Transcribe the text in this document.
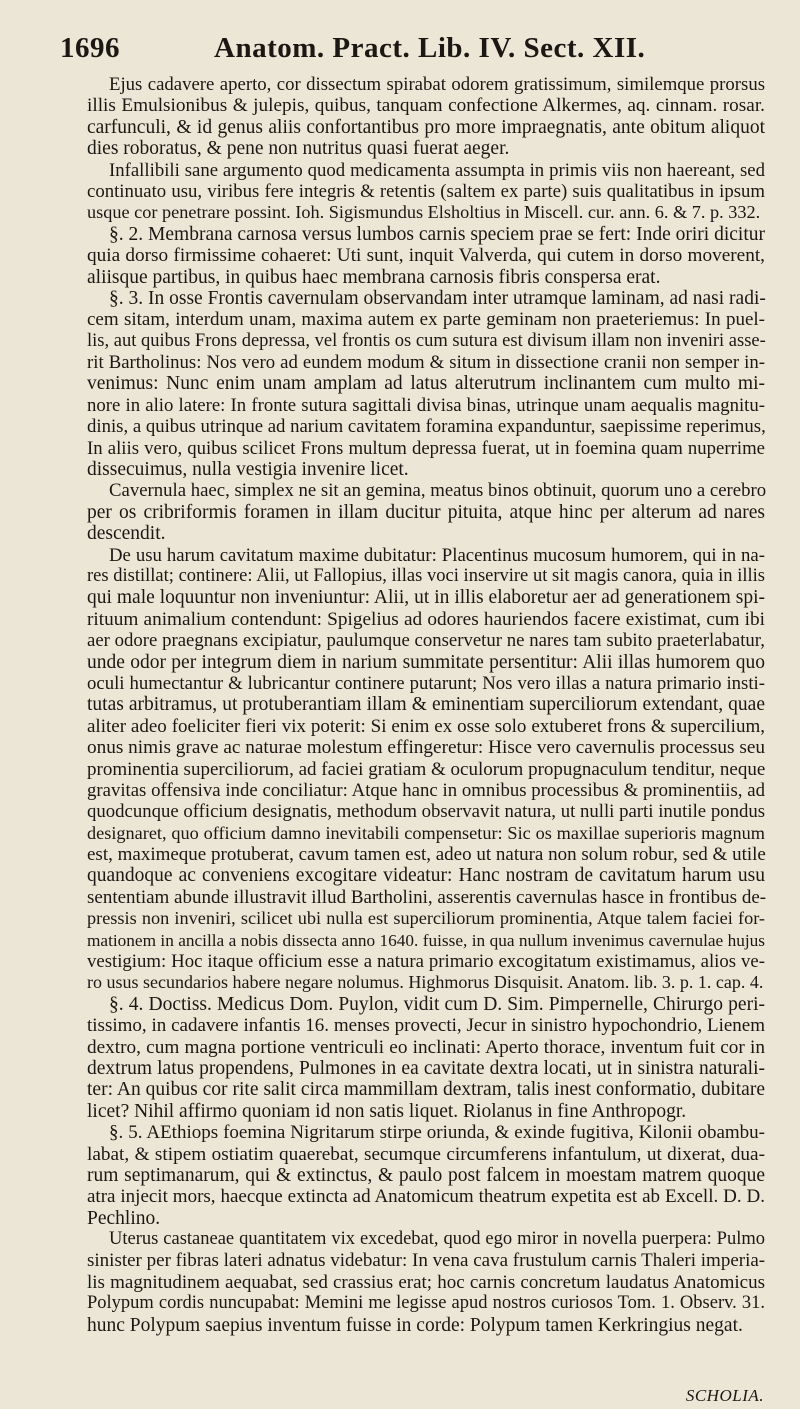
1696	Anatom. Pract. Lib. IV. Sect. XII.
Ejus cadavere aperto, cor dissectum spirabat odorem gratissimum, similemque prorsus
illis Emulsionibus & julepis, quibus, tanquam confectione Alkermes, aq. cinnam. rosar.
carfunculi, & id genus aliis confortantibus pro more impraegnatis, ante obitum aliquot
dies roboratus, & pene non nutritus quasi fuerat aeger.
Infallibili sane argumento quod medicamenta assumpta in primis viis non haereant, sed
continuato usu, viribus fere integris & retentis (saltem ex parte) suis qualitatibus in ipsum
usque cor penetrare possint. Ioh. Sigismundus Elsholtius in Miscell. cur. ann. 6. & 7. p. 332.
§. 2. Membrana carnosa versus lumbos carnis speciem prae se fert: Inde oriri dicitur
quia dorso firmissime cohaeret: Uti sunt, inquit Valverda, qui cutem in dorso moverent,
aliisque partibus, in quibus haec membrana carnosis fibris conspersa erat.
§. 3. In osse Frontis cavernulam observandam inter utramque laminam, ad nasi radi-
cem sitam, interdum unam, maxima autem ex parte geminam non praeteriemus: In puel-
lis, aut quibus Frons depressa, vel frontis os cum sutura est divisum illam non inveniri asse-
rit Bartholinus: Nos vero ad eundem modum & situm in dissectione cranii non semper in-
venimus: Nunc enim unam amplam ad latus alterutrum inclinantem cum multo mi-
nore in alio latere: In fronte sutura sagittali divisa binas, utrinque unam aequalis magnitu-
dinis, a quibus utrinque ad narium cavitatem foramina expanduntur, saepissime reperimus,
In aliis vero, quibus scilicet Frons multum depressa fuerat, ut in foemina quam nuperrime
dissecuimus, nulla vestigia invenire licet.
Cavernula haec, simplex ne sit an gemina, meatus binos obtinuit, quorum uno a cerebro
per os cribriformis foramen in illam ducitur pituita, atque hinc per alterum ad nares
descendit.
De usu harum cavitatum maxime dubitatur: Placentinus mucosum humorem, qui in na-
res distillat; continere: Alii, ut Fallopius, illas voci inservire ut sit magis canora, quia in illis
qui male loquuntur non inveniuntur: Alii, ut in illis elaboretur aer ad generationem spi-
rituum animalium contendunt: Spigelius ad odores hauriendos facere existimat, cum ibi
aer odore praegnans excipiatur, paulumque conservetur ne nares tam subito praeterlabatur,
unde odor per integrum diem in narium summitate persentitur: Alii illas humorem quo
oculi humectantur & lubricantur continere putarunt; Nos vero illas a natura primario insti-
tutas arbitramus, ut protuberantiam illam & eminentiam superciliorum extendant, quae
aliter adeo foeliciter fieri vix poterit: Si enim ex osse solo extuberet frons & supercilium,
onus nimis grave ac naturae molestum effingeretur: Hisce vero cavernulis processus seu
prominentia superciliorum, ad faciei gratiam & oculorum propugnaculum tenditur, neque
gravitas offensiva inde conciliatur: Atque hanc in omnibus processibus & prominentiis, ad
quodcunque officium designatis, methodum observavit natura, ut nulli parti inutile pondus
designaret, quo officium damno inevitabili compensetur: Sic os maxillae superioris magnum
est, maximeque protuberat, cavum tamen est, adeo ut natura non solum robur, sed & utile
quandoque ac conveniens excogitare videatur: Hanc nostram de cavitatum harum usu
sententiam abunde illustravit illud Bartholini, asserentis cavernulas hasce in frontibus de-
pressis non inveniri, scilicet ubi nulla est superciliorum prominentia, Atque talem faciei for-
mationem in ancilla a nobis dissecta anno 1640. fuisse, in qua nullum invenimus cavernulae hujus
vestigium: Hoc itaque officium esse a natura primario excogitatum existimamus, alios ve-
ro usus secundarios habere negare nolumus. Highmorus Disquisit. Anatom. lib. 3. p. 1. cap. 4.
§. 4. Doctiss. Medicus Dom. Puylon, vidit cum D. Sim. Pimpernelle, Chirurgo peri-
tissimo, in cadavere infantis 16. menses provecti, Jecur in sinistro hypochondrio, Lienem
dextro, cum magna portione ventriculi eo inclinati: Aperto thorace, inventum fuit cor in
dextrum latus propendens, Pulmones in ea cavitate dextra locati, ut in sinistra naturali-
ter: An quibus cor rite salit circa mammillam dextram, talis inest conformatio, dubitare
licet? Nihil affirmo quoniam id non satis liquet. Riolanus in fine Anthropogr.
§. 5. AEthiops foemina Nigritarum stirpe oriunda, & exinde fugitiva, Kilonii obambu-
labat, & stipem ostiatim quaerebat, secumque circumferens infantulum, ut dixerat, dua-
rum septimanarum, qui & extinctus, & paulo post falcem in moestam matrem quoque
atra injecit mors, haecque extincta ad Anatomicum theatrum expetita est ab Excell. D. D.
Pechlino.
Uterus castaneae quantitatem vix excedebat, quod ego miror in novella puerpera: Pulmo
sinister per fibras lateri adnatus videbatur: In vena cava frustulum carnis Thaleri imperia-
lis magnitudinem aequabat, sed crassius erat; hoc carnis concretum laudatus Anatomicus
Polypum cordis nuncupabat: Memini me legisse apud nostros curiosos Tom. 1. Observ. 31.
hunc Polypum saepius inventum fuisse in corde: Polypum tamen Kerkringius negat.
SCHOLIA.
